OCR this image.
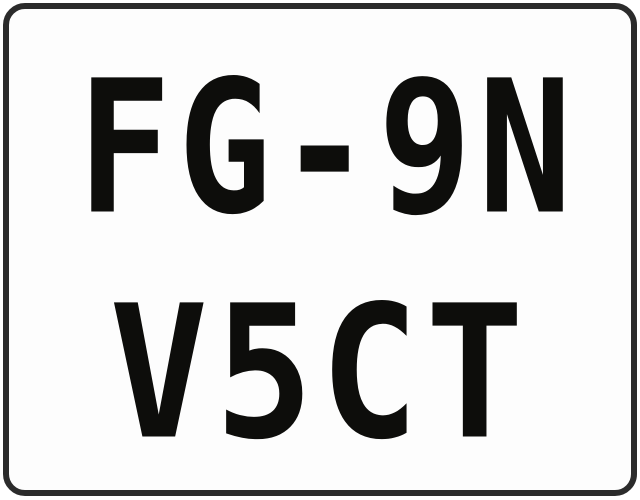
FG-9N
V5CT
